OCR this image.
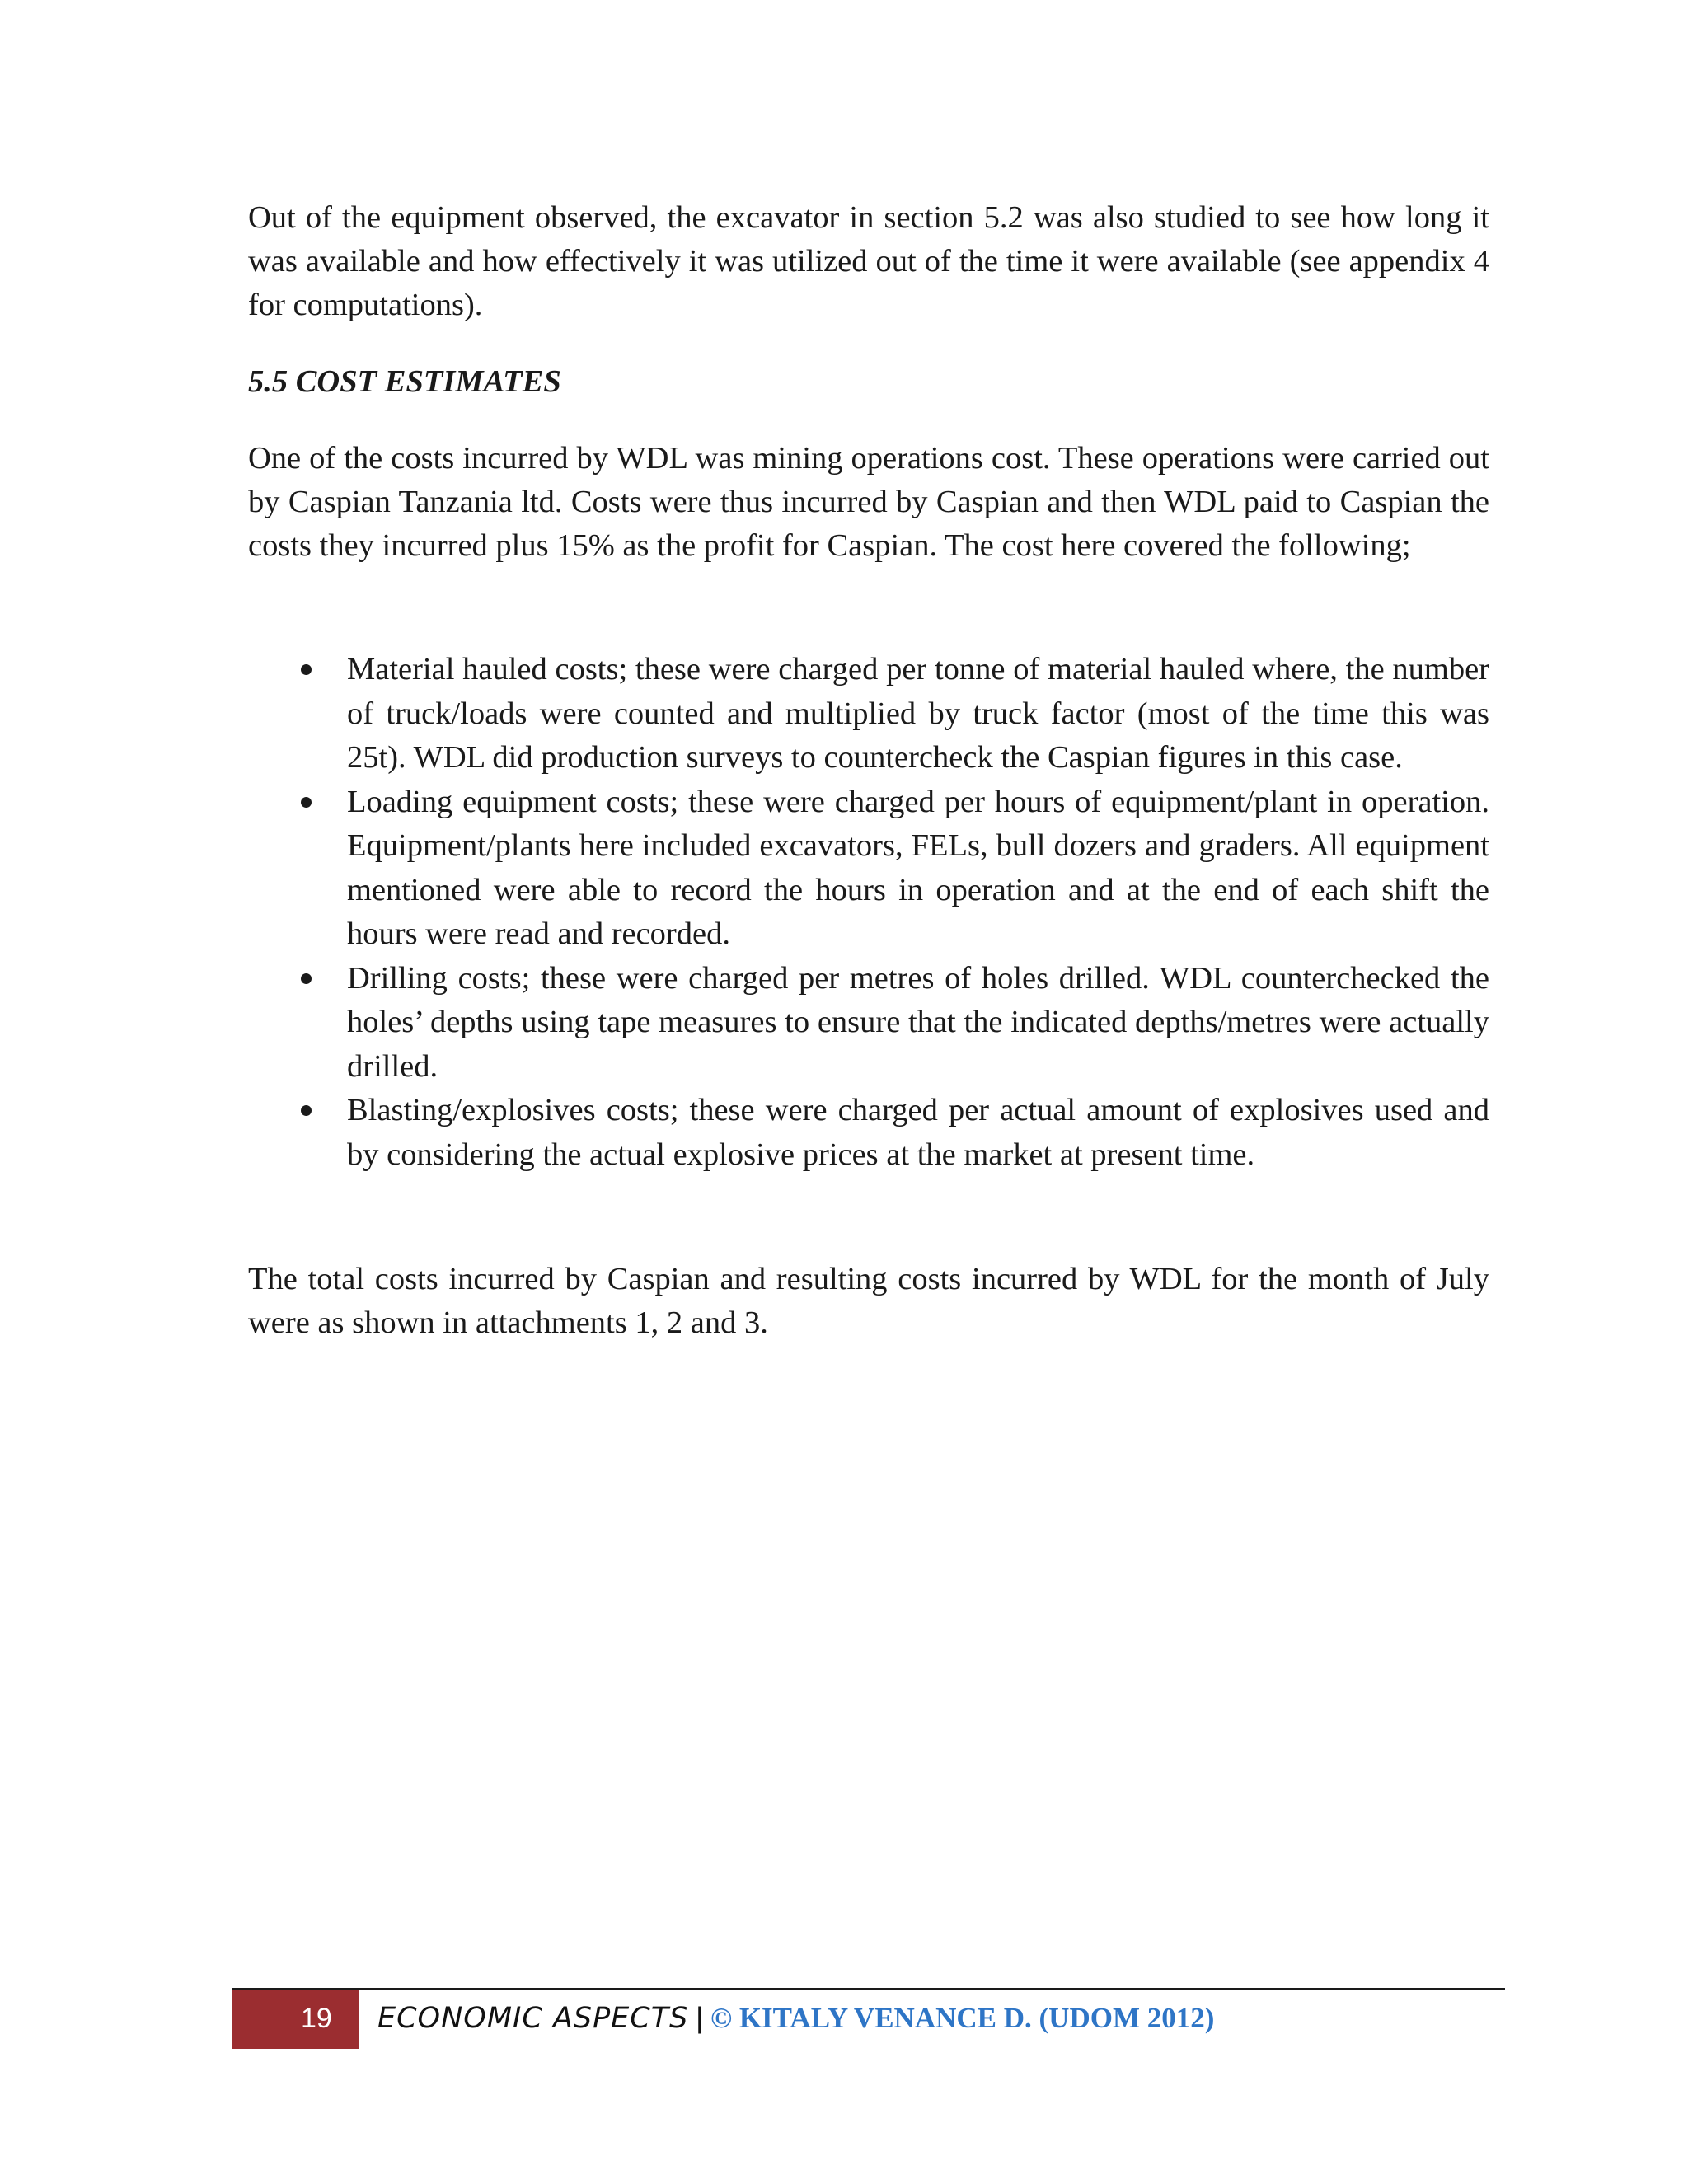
Out of the equipment observed, the excavator in section 5.2 was also studied to see how long it was available and how effectively it was utilized out of the time it were available (see appendix 4 for computations).

5.5 COST ESTIMATES

One of the costs incurred by WDL was mining operations cost. These operations were carried out by Caspian Tanzania ltd. Costs were thus incurred by Caspian and then WDL paid to Caspian the costs they incurred plus 15% as the profit for Caspian. The cost here covered the following;

Material hauled costs; these were charged per tonne of material hauled where, the number of truck/loads were counted and multiplied by truck factor (most of the time this was 25t). WDL did production surveys to countercheck the Caspian figures in this case.
Loading equipment costs; these were charged per hours of equipment/plant in operation. Equipment/plants here included excavators, FELs, bull dozers and graders. All equipment mentioned were able to record the hours in operation and at the end of each shift the hours were read and recorded.
Drilling costs; these were charged per metres of holes drilled. WDL counterchecked the holes’ depths using tape measures to ensure that the indicated depths/metres were actually drilled.
Blasting/explosives costs; these were charged per actual amount of explosives used and by considering the actual explosive prices at the market at present time.

The total costs incurred by Caspian and resulting costs incurred by WDL for the month of July were as shown in attachments 1, 2 and 3.

19 ECONOMIC ASPECTS | © KITALY VENANCE D. (UDOM 2012)
